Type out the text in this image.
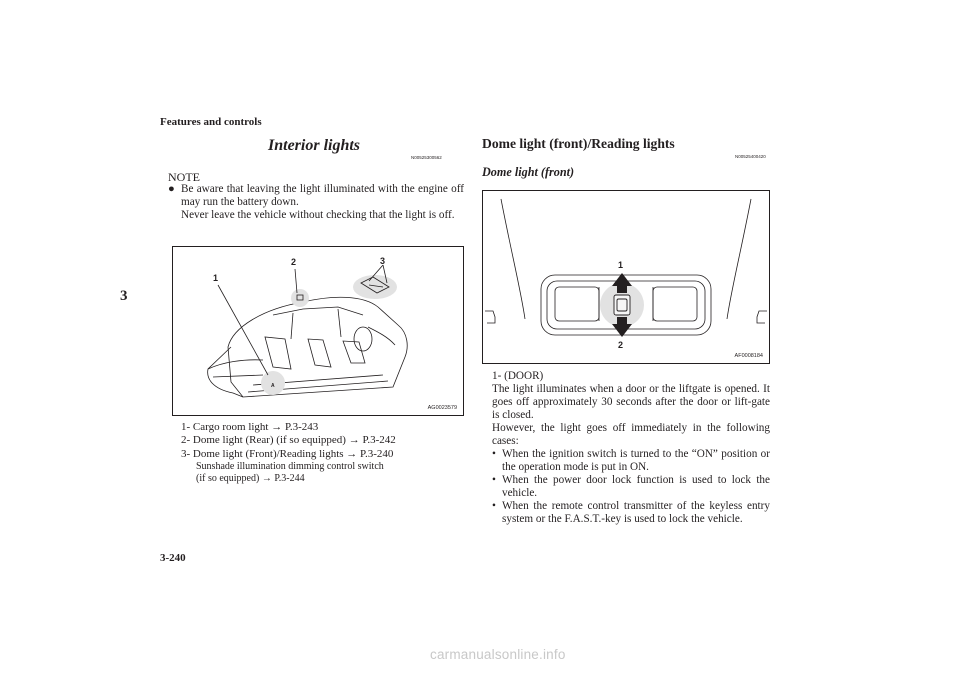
Features and controls
3
3-240
Interior lights
N00525300562
NOTE
● Be aware that leaving the light illuminated with the engine off may run the battery down.
Never leave the vehicle without checking that the light is off.
A
1
2	3
AG0023579
1- Cargo room light → P.3-243
2- Dome light (Rear) (if so equipped) → P.3-242
3- Dome light (Front)/Reading lights → P.3-240
Sunshade illumination dimming control switch
(if so equipped) → P.3-244
Dome light (front)/Reading lights
N00525400420
Dome light (front)
1
2
AF0008184
1- (DOOR)
The light illuminates when a door or the liftgate is opened. It goes off approximately 30 seconds after the door or lift-gate is closed.
However, the light goes off immediately in the following cases:
• When the ignition switch is turned to the “ON” position or the operation mode is put in ON.
• When the power door lock function is used to lock the vehicle.
• When the remote control transmitter of the keyless entry system or the F.A.S.T.-key is used to lock the vehicle.
carmanualsonline.info
